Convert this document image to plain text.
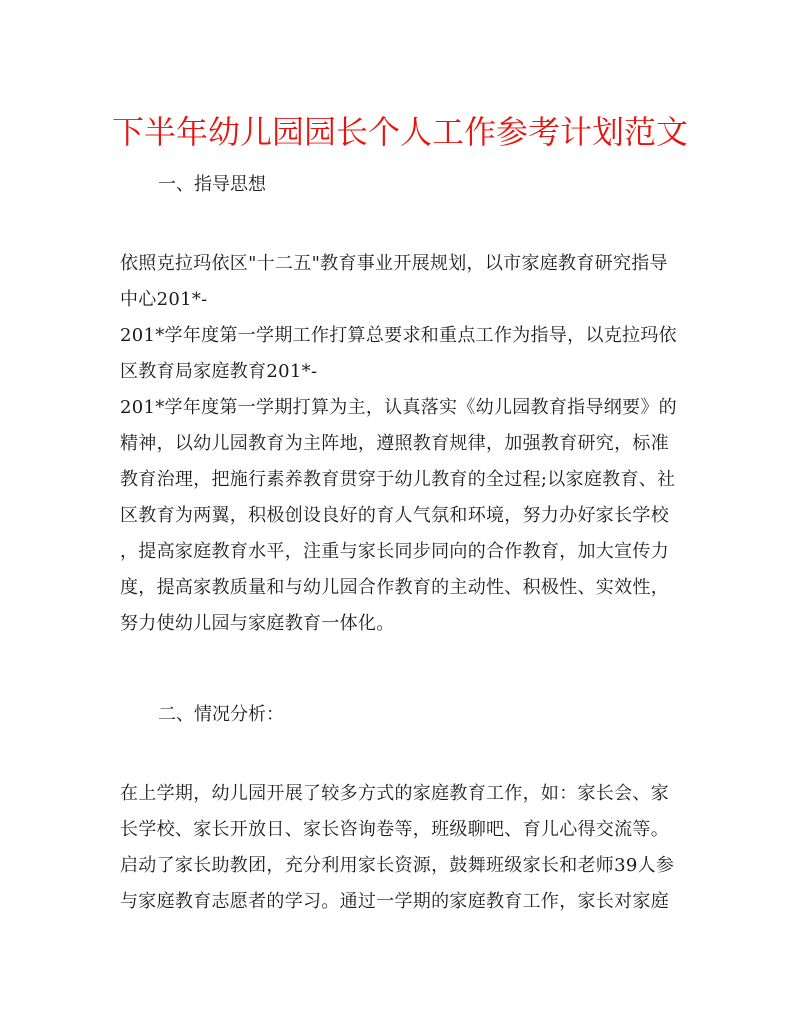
下半年幼儿园园长个人工作参考计划范文

一、指导思想

依照克拉玛依区"十二五"教育事业开展规划，以市家庭教育研究指导
中心201*-
201*学年度第一学期工作打算总要求和重点工作为指导，以克拉玛依
区教育局家庭教育201*-
201*学年度第一学期打算为主，认真落实《幼儿园教育指导纲要》的
精神，以幼儿园教育为主阵地，遵照教育规律，加强教育研究，标准
教育治理，把施行素养教育贯穿于幼儿教育的全过程;以家庭教育、社
区教育为两翼，积极创设良好的育人气氛和环境，努力办好家长学校
，提高家庭教育水平，注重与家长同步同向的合作教育，加大宣传力
度，提高家教质量和与幼儿园合作教育的主动性、积极性、实效性，
努力使幼儿园与家庭教育一体化。

二、情况分析：

在上学期，幼儿园开展了较多方式的家庭教育工作，如：家长会、家
长学校、家长开放日、家长咨询卷等，班级聊吧、育儿心得交流等。
启动了家长助教团，充分利用家长资源，鼓舞班级家长和老师39人参
与家庭教育志愿者的学习。通过一学期的家庭教育工作，家长对家庭
